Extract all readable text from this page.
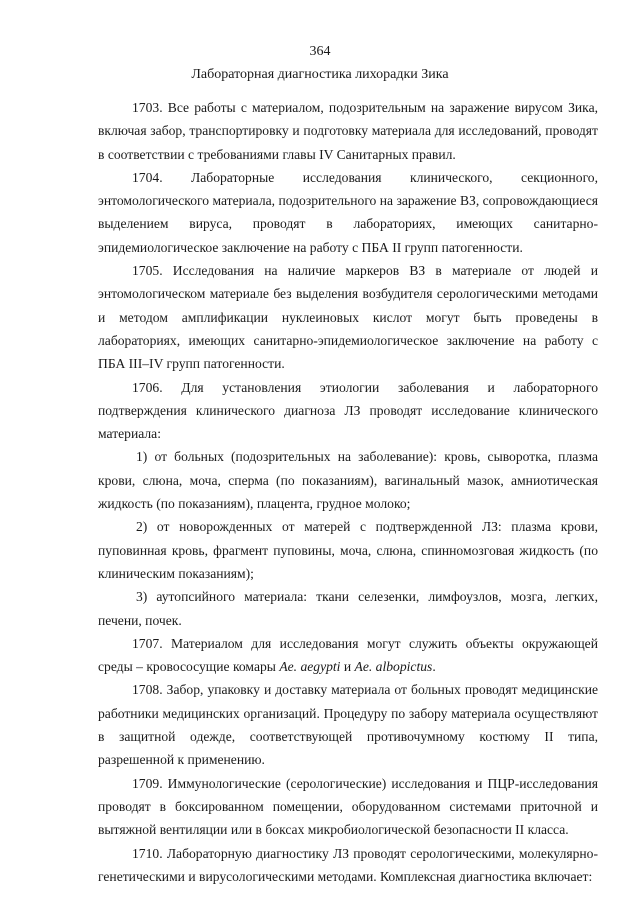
364
Лабораторная диагностика лихорадки Зика

1703. Все работы с материалом, подозрительным на заражение вирусом Зика, включая забор, транспортировку и подготовку материала для исследований, проводят в соответствии с требованиями главы IV Санитарных правил.

1704. Лабораторные исследования клинического, секционного, энтомологического материала, подозрительного на заражение ВЗ, сопровождающиеся выделением вируса, проводят в лабораториях, имеющих санитарно-эпидемиологическое заключение на работу с ПБА II групп патогенности.

1705. Исследования на наличие маркеров ВЗ в материале от людей и энтомологическом материале без выделения возбудителя серологическими методами и методом амплификации нуклеиновых кислот могут быть проведены в лабораториях, имеющих санитарно-эпидемиологическое заключение на работу с ПБА III–IV групп патогенности.

1706. Для установления этиологии заболевания и лабораторного подтверждения клинического диагноза ЛЗ проводят исследование клинического материала:

1) от больных (подозрительных на заболевание): кровь, сыворотка, плазма крови, слюна, моча, сперма (по показаниям), вагинальный мазок, амниотическая жидкость (по показаниям), плацента, грудное молоко;

2) от новорожденных от матерей с подтвержденной ЛЗ: плазма крови, пуповинная кровь, фрагмент пуповины, моча, слюна, спинномозговая жидкость (по клиническим показаниям);

3) аутопсийного материала: ткани селезенки, лимфоузлов, мозга, легких, печени, почек.

1707. Материалом для исследования могут служить объекты окружающей среды – кровососущие комары Ae. aegypti и Ae. albopictus.

1708. Забор, упаковку и доставку материала от больных проводят медицинские работники медицинских организаций. Процедуру по забору материала осуществляют в защитной одежде, соответствующей противочумному костюму II типа, разрешенной к применению.

1709. Иммунологические (серологические) исследования и ПЦР-исследования проводят в боксированном помещении, оборудованном системами приточной и вытяжной вентиляции или в боксах микробиологической безопасности II класса.

1710. Лабораторную диагностику ЛЗ проводят серологическими, молекулярно-генетическими и вирусологическими методами. Комплексная диагностика включает:
